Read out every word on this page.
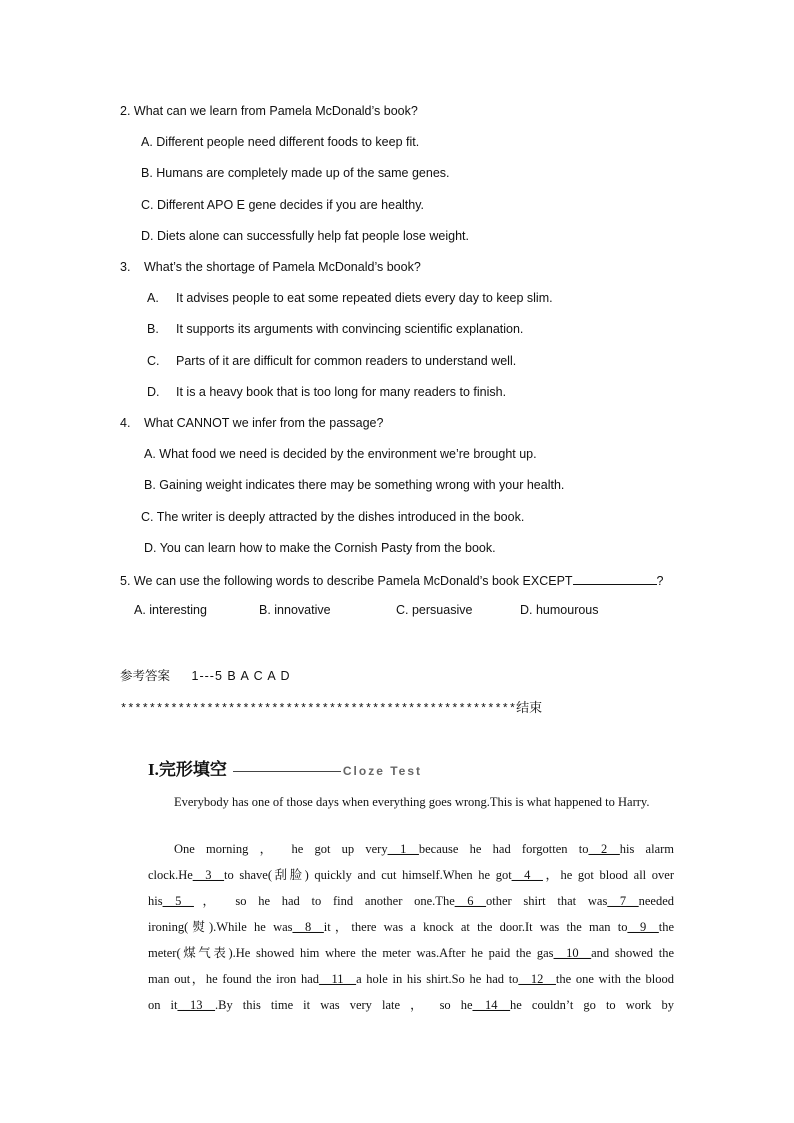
2. What can we learn from Pamela McDonald’s book?
A. Different people need different foods to keep fit.
B. Humans are completely made up of the same genes.
C. Different APO E gene decides if you are healthy.
D. Diets alone can successfully help fat people lose weight.
3. What’s the shortage of Pamela McDonald’s book?
A. It advises people to eat some repeated diets every day to keep slim.
B. It supports its arguments with convincing scientific explanation.
C. Parts of it are difficult for common readers to understand well.
D. It is a heavy book that is too long for many readers to finish.
4. What CANNOT we infer from the passage?
A. What food we need is decided by the environment we’re brought up.
B. Gaining weight indicates there may be something wrong with your health.
C. The writer is deeply attracted by the dishes introduced in the book.
D. You can learn how to make the Cornish Pasty from the book.
5. We can use the following words to describe Pamela McDonald’s book EXCEPT	?
A. interesting	B. innovative	C. persuasive	D. humourous
参考答案 1---5 B A C A D
*******************************************************结束
I.完形填空	Cloze Test
Everybody has one of those days when everything goes wrong.This is what happened to Harry.
One morning ， he got up very__1__because he had forgotten to__2__his alarm
clock.He__3__to shave(刮脸) quickly and cut himself.When he got__4__，he got blood all over
his__5__， so he had to find another one.The__6__other shirt that was__7__needed
ironing(熨).While he was__8__it，there was a knock at the door.It was the man to__9__the
meter(煤气表).He showed him where the meter was.After he paid the gas__10__and showed the
man out，he found the iron had__11__a hole in his shirt.So he had to__12__the one with the blood
on it__13__.By this time it was very late ， so he__14__he couldn’t go to work by
